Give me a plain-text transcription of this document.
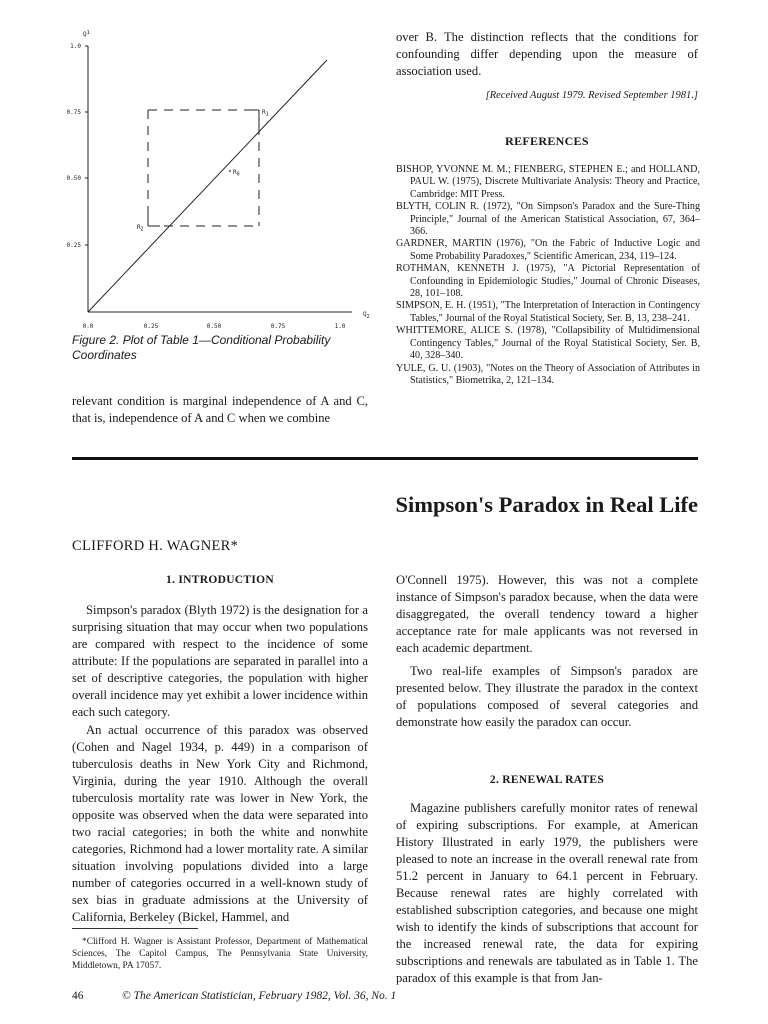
$Q^1$
1.0
0.75
0.50
0.25
0.0	0.25	0.50	0.75	1.0
$Q_2$
$R_1$
$R_0$
$R_2$
Figure 2. Plot of Table 1—Conditional Probability Coordinates

relevant condition is marginal independence of A and C, that is, independence of A and C when we combine

over B. The distinction reflects that the conditions for confounding differ depending upon the measure of association used.

[Received August 1979. Revised September 1981.]
REFERENCES
BISHOP, YVONNE M. M.; FIENBERG, STEPHEN E.; and HOLLAND, PAUL W. (1975), Discrete Multivariate Analysis: Theory and Practice, Cambridge: MIT Press.
BLYTH, COLIN R. (1972), "On Simpson's Paradox and the Sure-Thing Principle," Journal of the American Statistical Association, 67, 364–366.
GARDNER, MARTIN (1976), "On the Fabric of Inductive Logic and Some Probability Paradoxes," Scientific American, 234, 119–124.
ROTHMAN, KENNETH J. (1975), "A Pictorial Representation of Confounding in Epidemiologic Studies," Journal of Chronic Diseases, 28, 101–108.
SIMPSON, E. H. (1951), "The Interpretation of Interaction in Contingency Tables," Journal of the Royal Statistical Society, Ser. B, 13, 238–241.
WHITTEMORE, ALICE S. (1978), "Collapsibility of Multidimensional Contingency Tables," Journal of the Royal Statistical Society, Ser. B, 40, 328–340.
YULE, G. U. (1903), "Notes on the Theory of Association of Attributes in Statistics," Biometrika, 2, 121–134.
Simpson's Paradox in Real Life
CLIFFORD H. WAGNER*
1. INTRODUCTION

Simpson's paradox (Blyth 1972) is the designation for a surprising situation that may occur when two populations are compared with respect to the incidence of some attribute: If the populations are separated in parallel into a set of descriptive categories, the population with higher overall incidence may yet exhibit a lower incidence within each such category.

An actual occurrence of this paradox was observed (Cohen and Nagel 1934, p. 449) in a comparison of tuberculosis deaths in New York City and Richmond, Virginia, during the year 1910. Although the overall tuberculosis mortality rate was lower in New York, the opposite was observed when the data were separated into two racial categories; in both the white and nonwhite categories, Richmond had a lower mortality rate. A similar situation involving populations divided into a large number of categories occurred in a well-known study of sex bias in graduate admissions at the University of California, Berkeley (Bickel, Hammel, and

O'Connell 1975). However, this was not a complete instance of Simpson's paradox because, when the data were disaggregated, the overall tendency toward a higher acceptance rate for male applicants was not reversed in each academic department.

Two real-life examples of Simpson's paradox are presented below. They illustrate the paradox in the context of populations composed of several categories and demonstrate how easily the paradox can occur.

2. RENEWAL RATES

Magazine publishers carefully monitor rates of renewal of expiring subscriptions. For example, at American History Illustrated in early 1979, the publishers were pleased to note an increase in the overall renewal rate from 51.2 percent in January to 64.1 percent in February. Because renewal rates are highly correlated with established subscription categories, and because one might wish to identify the kinds of subscriptions that account for the increased renewal rate, the data for expiring subscriptions and renewals are tabulated as in Table 1. The paradox of this example is that from Jan-

*Clifford H. Wagner is Assistant Professor, Department of Mathematical Sciences, The Capitol Campus, The Pennsylvania State University, Middletown, PA 17057.

46	© The American Statistician, February 1982, Vol. 36, No. 1
